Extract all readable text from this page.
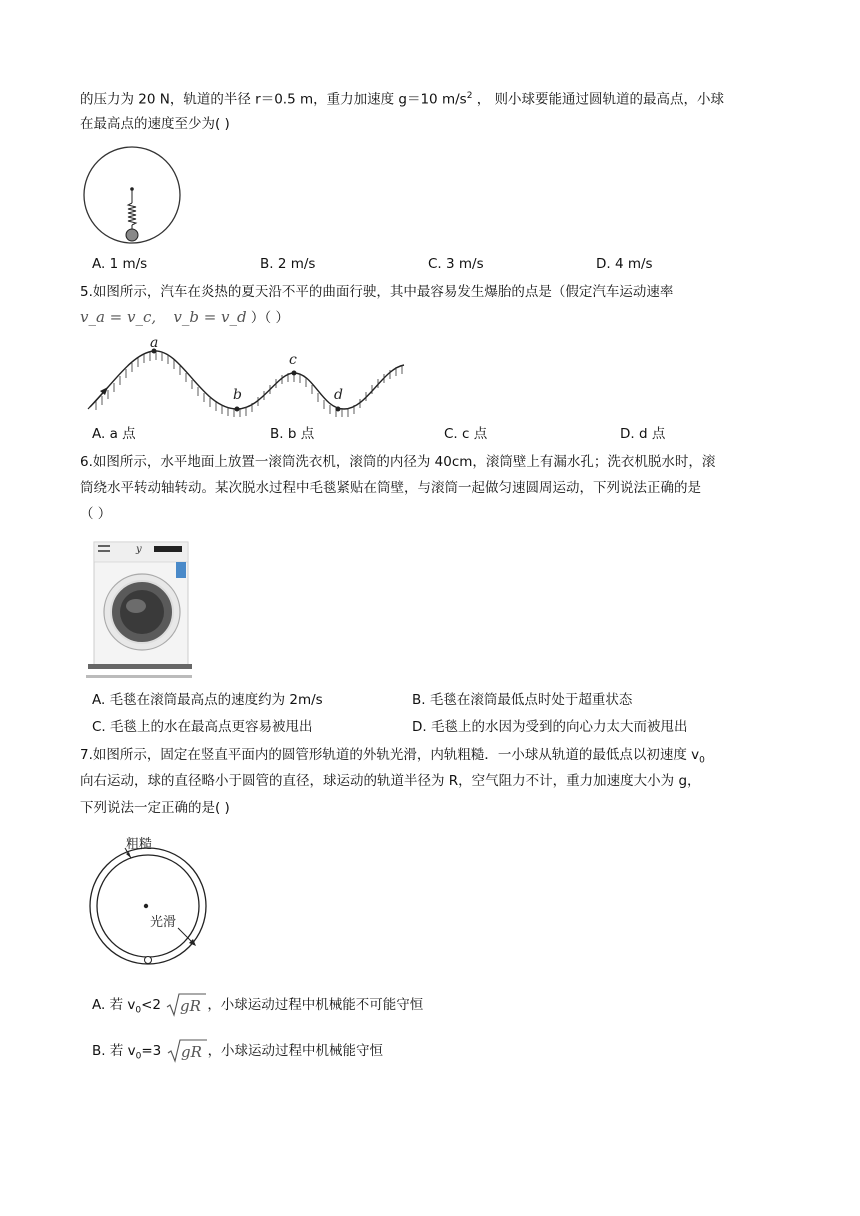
的压力为 20 N，轨道的半径 r＝0.5 m，重力加速度 g＝10 $m/s^2$ ， 则小球要能通过圆轨道的最高点，小球
在最高点的速度至少为( )
A. 1 m/s	B. 2 m/s	C. 3 m/s	D. 4 m/s
5.如图所示，汽车在炎热的夏天沿不平的曲面行驶，其中最容易发生爆胎的点是（假定汽车运动速率
v_a = v_c, v_b = v_d ）（ ）
a
b
c
d
A. a 点	B. b 点	C. c 点	D. d 点
6.如图所示，水平地面上放置一滚筒洗衣机，滚筒的内径为 40cm，滚筒壁上有漏水孔；洗衣机脱水时，滚
筒绕水平转动轴转动。某次脱水过程中毛毯紧贴在筒壁，与滚筒一起做匀速圆周运动，下列说法正确的是
（ ）
y
A. 毛毯在滚筒最高点的速度约为 2m/s	B. 毛毯在滚筒最低点时处于超重状态
C. 毛毯上的水在最高点更容易被甩出	D. 毛毯上的水因为受到的向心力太大而被甩出
7.如图所示，固定在竖直平面内的圆管形轨道的外轨光滑，内轨粗糙．一小球从轨道的最低点以初速度 $v_0$
向右运动，球的直径略小于圆管的直径，球运动的轨道半径为 R，空气阻力不计，重力加速度大小为 g，
下列说法一定正确的是( )
粗糙
光滑
A. 若 $v_0<2$ gR ，小球运动过程中机械能不可能守恒
B. 若 $v_0=3$ gR ，小球运动过程中机械能守恒
